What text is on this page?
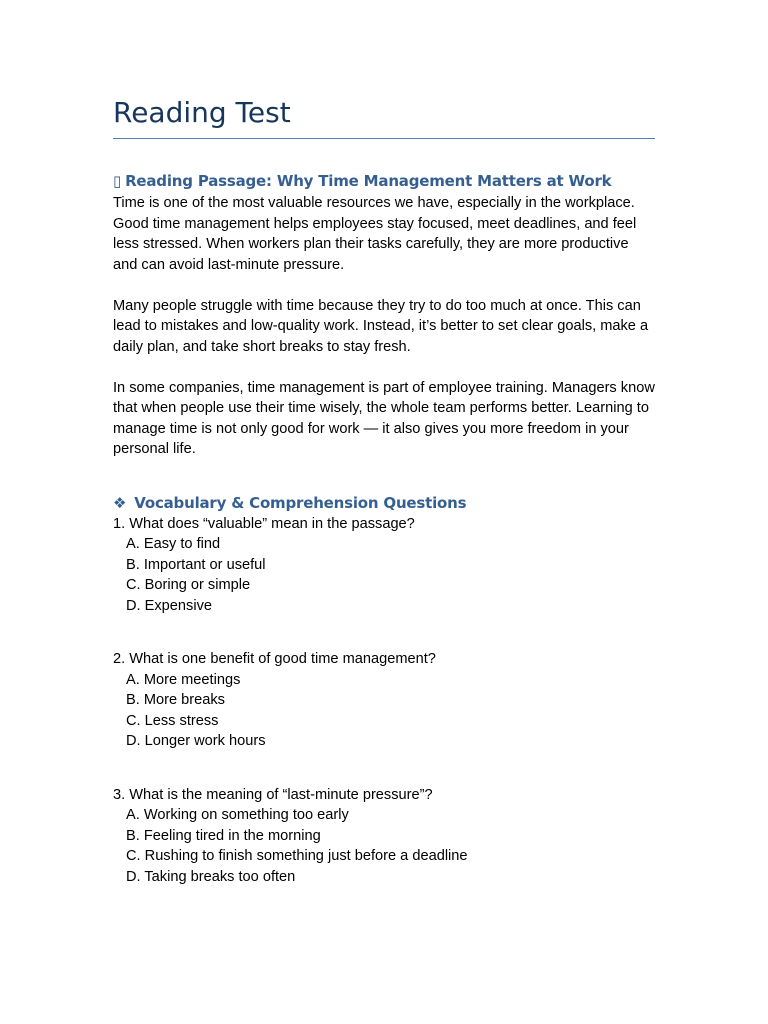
Reading Test
▯ Reading Passage: Why Time Management Matters at Work

Time is one of the most valuable resources we have, especially in the workplace. Good time management helps employees stay focused, meet deadlines, and feel less stressed. When workers plan their tasks carefully, they are more productive and can avoid last-minute pressure.

Many people struggle with time because they try to do too much at once. This can lead to mistakes and low-quality work. Instead, it’s better to set clear goals, make a daily plan, and take short breaks to stay fresh.

In some companies, time management is part of employee training. Managers know that when people use their time wisely, the whole team performs better. Learning to manage time is not only good for work — it also gives you more freedom in your personal life.

❖ Vocabulary & Comprehension Questions

1. What does “valuable” mean in the passage?

A. Easy to find

B. Important or useful

C. Boring or simple

D. Expensive

2. What is one benefit of good time management?

A. More meetings

B. More breaks

C. Less stress

D. Longer work hours

3. What is the meaning of “last-minute pressure”?

A. Working on something too early

B. Feeling tired in the morning

C. Rushing to finish something just before a deadline

D. Taking breaks too often
